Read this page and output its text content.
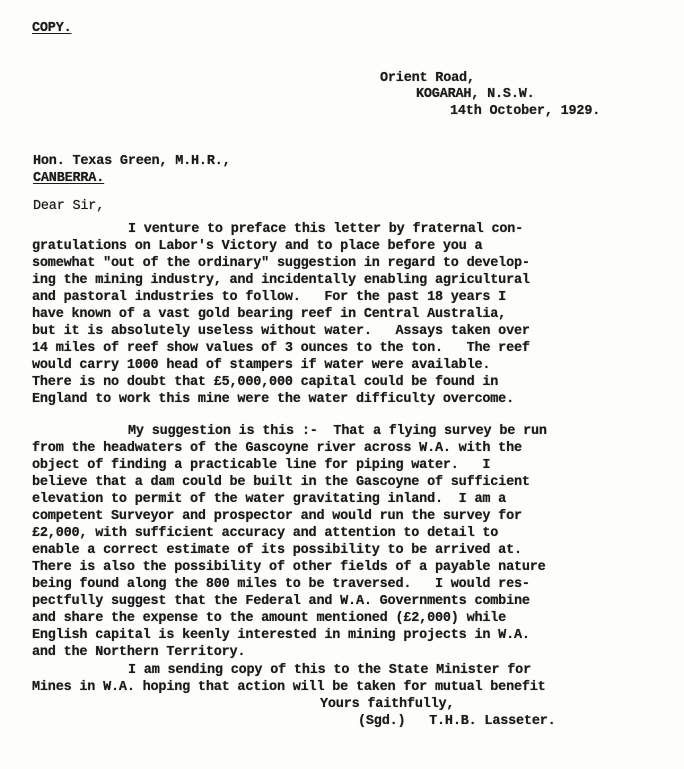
COPY.
Orient Road,
KOGARAH, N.S.W.
14th October, 1929.
Hon. Texas Green, M.H.R.,
CANBERRA.
Dear Sir,
I venture to preface this letter by fraternal con-
gratulations on Labor's Victory and to place before you a
somewhat "out of the ordinary" suggestion in regard to develop-
ing the mining industry, and incidentally enabling agricultural
and pastoral industries to follow.   For the past 18 years I
have known of a vast gold bearing reef in Central Australia,
but it is absolutely useless without water.   Assays taken over
14 miles of reef show values of 3 ounces to the ton.   The reef
would carry 1000 head of stampers if water were available.
There is no doubt that £5,000,000 capital could be found in
England to work this mine were the water difficulty overcome.
My suggestion is this :-  That a flying survey be run
from the headwaters of the Gascoyne river across W.A. with the
object of finding a practicable line for piping water.   I
believe that a dam could be built in the Gascoyne of sufficient
elevation to permit of the water gravitating inland.  I am a
competent Surveyor and prospector and would run the survey for
£2,000, with sufficient accuracy and attention to detail to
enable a correct estimate of its possibility to be arrived at.
There is also the possibility of other fields of a payable nature
being found along the 800 miles to be traversed.   I would res-
pectfully suggest that the Federal and W.A. Governments combine
and share the expense to the amount mentioned (£2,000) while
English capital is keenly interested in mining projects in W.A.
and the Northern Territory.
I am sending copy of this to the State Minister for
Mines in W.A. hoping that action will be taken for mutual benefit
Yours faithfully,
(Sgd.)   T.H.B. Lasseter.
